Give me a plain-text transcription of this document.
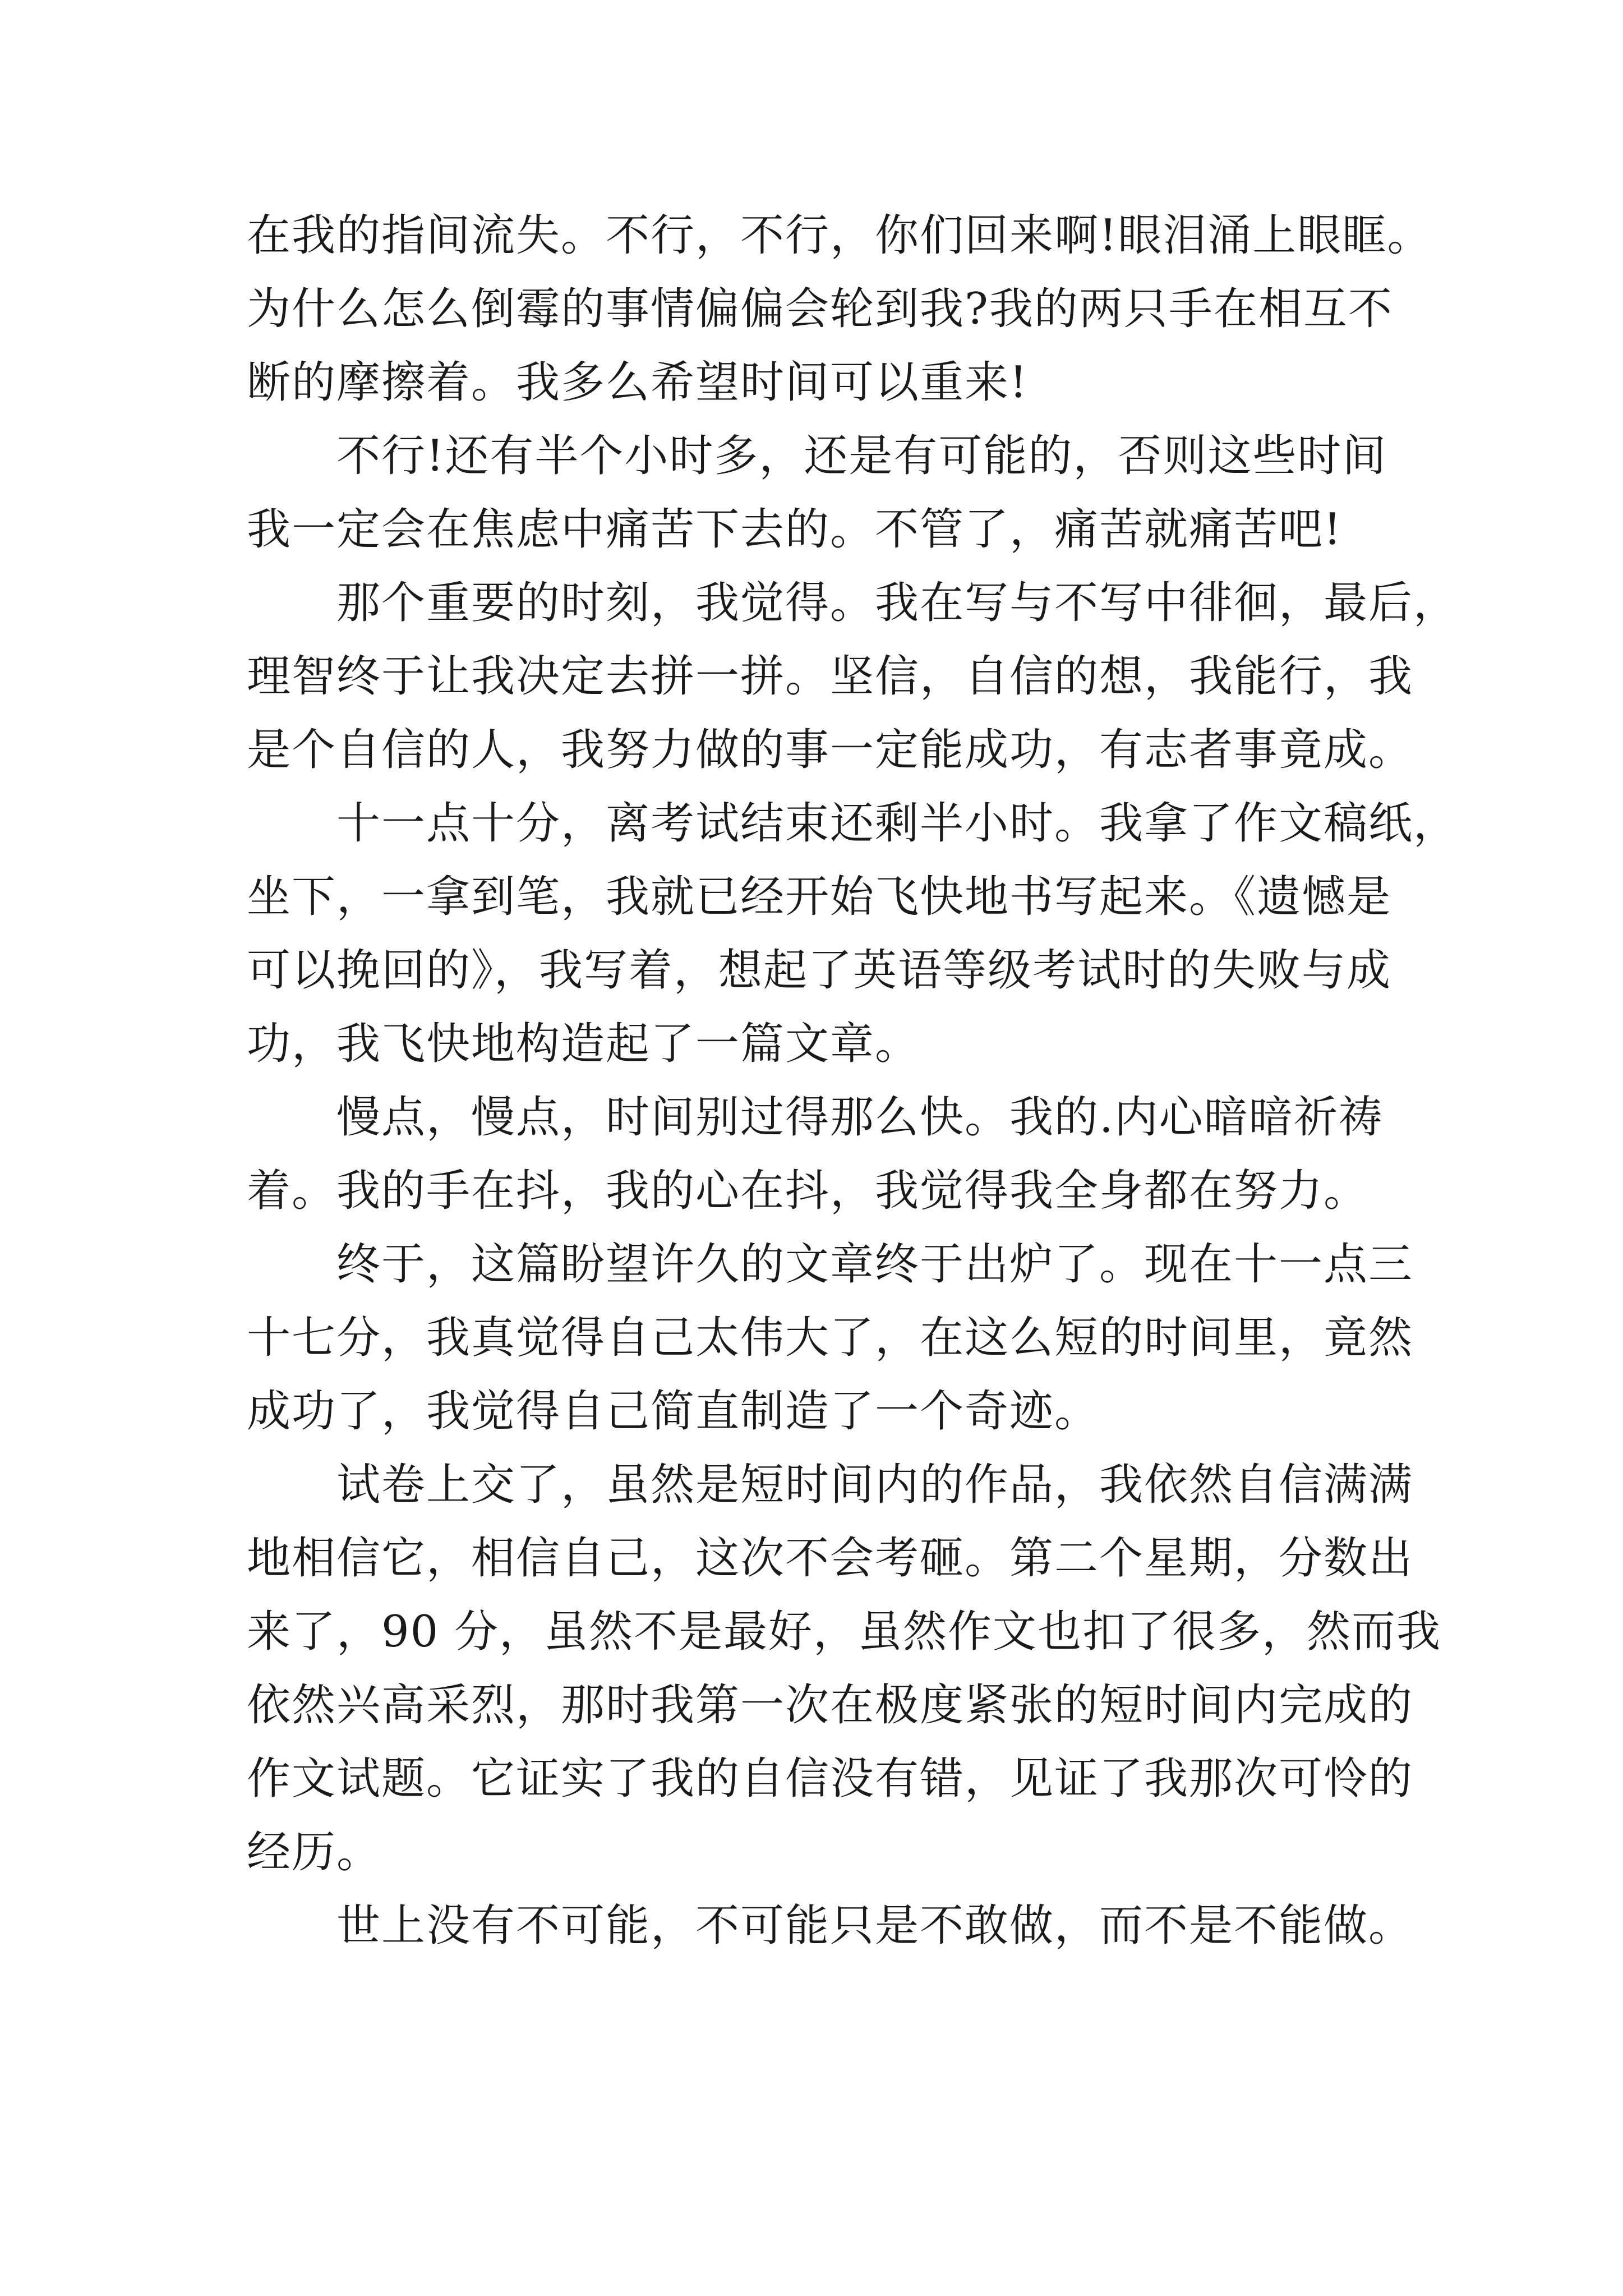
在我的指间流失。不行，不行，你们回来啊!眼泪涌上眼眶。
为什么怎么倒霉的事情偏偏会轮到我?我的两只手在相互不
断的摩擦着。我多么希望时间可以重来!
不行!还有半个小时多，还是有可能的，否则这些时间
我一定会在焦虑中痛苦下去的。不管了，痛苦就痛苦吧!
那个重要的时刻，我觉得。我在写与不写中徘徊，最后，
理智终于让我决定去拼一拼。坚信，自信的想，我能行，我
是个自信的人，我努力做的事一定能成功，有志者事竟成。
十一点十分，离考试结束还剩半小时。我拿了作文稿纸，
坐下，一拿到笔，我就已经开始飞快地书写起来。《遗憾是
可以挽回的》，我写着，想起了英语等级考试时的失败与成
功，我飞快地构造起了一篇文章。
慢点，慢点，时间别过得那么快。我的.内心暗暗祈祷
着。我的手在抖，我的心在抖，我觉得我全身都在努力。
终于，这篇盼望许久的文章终于出炉了。现在十一点三
十七分，我真觉得自己太伟大了，在这么短的时间里，竟然
成功了，我觉得自己简直制造了一个奇迹。
试卷上交了，虽然是短时间内的作品，我依然自信满满
地相信它，相信自己，这次不会考砸。第二个星期，分数出
来了，90 分，虽然不是最好，虽然作文也扣了很多，然而我
依然兴高采烈，那时我第一次在极度紧张的短时间内完成的
作文试题。它证实了我的自信没有错，见证了我那次可怜的
经历。
世上没有不可能，不可能只是不敢做，而不是不能做。
